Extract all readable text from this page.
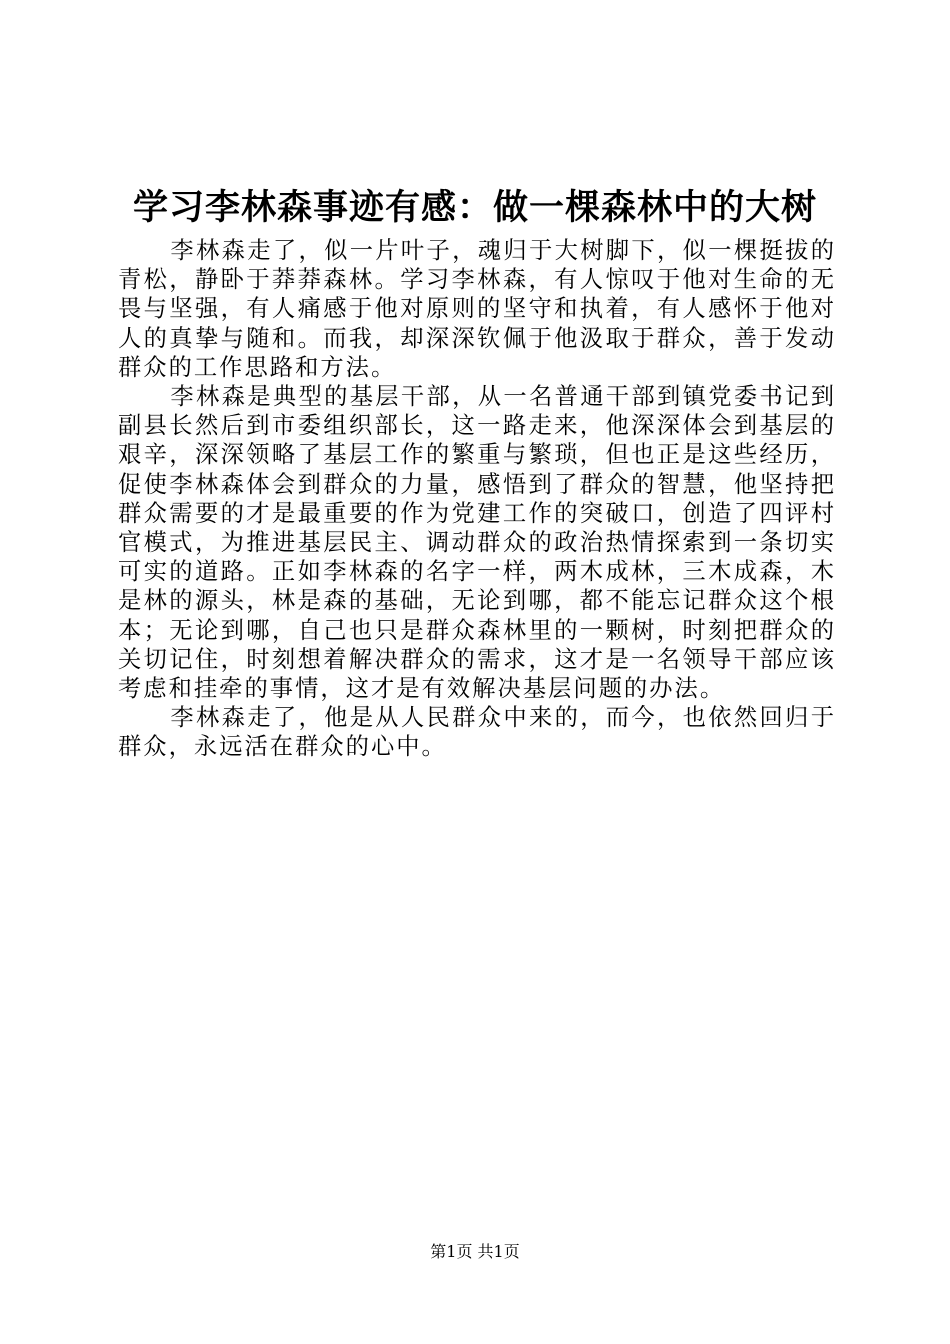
学习李林森事迹有感：做一棵森林中的大树

李林森走了，似一片叶子，魂归于大树脚下，似一棵挺拔的青松，静卧于莽莽森林。学习李林森，有人惊叹于他对生命的无畏与坚强，有人痛感于他对原则的坚守和执着，有人感怀于他对人的真挚与随和。而我，却深深钦佩于他汲取于群众，善于发动群众的工作思路和方法。

李林森是典型的基层干部，从一名普通干部到镇党委书记到副县长然后到市委组织部长，这一路走来，他深深体会到基层的艰辛，深深领略了基层工作的繁重与繁琐，但也正是这些经历，促使李林森体会到群众的力量，感悟到了群众的智慧，他坚持把群众需要的才是最重要的作为党建工作的突破口，创造了四评村官模式，为推进基层民主、调动群众的政治热情探索到一条切实可实的道路。正如李林森的名字一样，两木成林，三木成森，木是林的源头，林是森的基础，无论到哪，都不能忘记群众这个根本；无论到哪，自己也只是群众森林里的一颗树，时刻把群众的关切记住，时刻想着解决群众的需求，这才是一名领导干部应该考虑和挂牵的事情，这才是有效解决基层问题的办法。

李林森走了，他是从人民群众中来的，而今，也依然回归于群众，永远活在群众的心中。

第1页 共1页
